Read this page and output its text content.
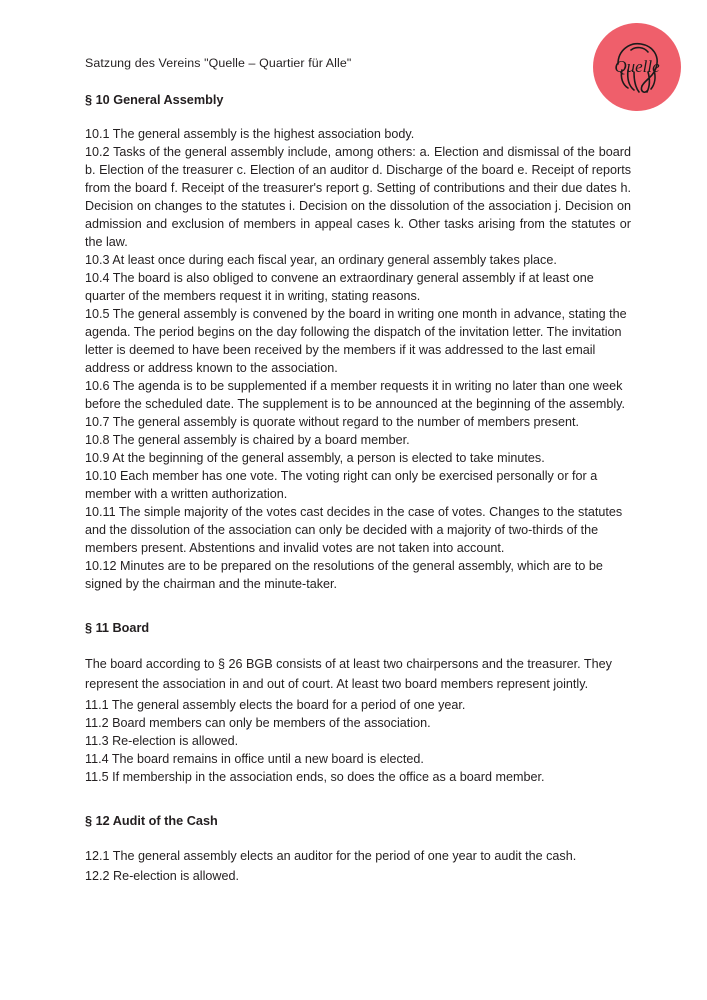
Quelle

Satzung des Vereins "Quelle – Quartier für Alle"

§ 10 General Assembly

10.1 The general assembly is the highest association body.

10.2 Tasks of the general assembly include, among others: a. Election and dismissal of the board b. Election of the treasurer c. Election of an auditor d. Discharge of the board e. Receipt of reports from the board f. Receipt of the treasurer's report g. Setting of contributions and their due dates h. Decision on changes to the statutes i. Decision on the dissolution of the association j. Decision on admission and exclusion of members in appeal cases k. Other tasks arising from the statutes or the law.

10.3 At least once during each fiscal year, an ordinary general assembly takes place.

10.4 The board is also obliged to convene an extraordinary general assembly if at least one quarter of the members request it in writing, stating reasons.

10.5 The general assembly is convened by the board in writing one month in advance, stating the agenda. The period begins on the day following the dispatch of the invitation letter. The invitation letter is deemed to have been received by the members if it was addressed to the last email address or address known to the association.

10.6 The agenda is to be supplemented if a member requests it in writing no later than one week before the scheduled date. The supplement is to be announced at the beginning of the assembly.

10.7 The general assembly is quorate without regard to the number of members present.

10.8 The general assembly is chaired by a board member.

10.9 At the beginning of the general assembly, a person is elected to take minutes.

10.10 Each member has one vote. The voting right can only be exercised personally or for a member with a written authorization.

10.11 The simple majority of the votes cast decides in the case of votes. Changes to the statutes and the dissolution of the association can only be decided with a majority of two-thirds of the members present. Abstentions and invalid votes are not taken into account.

10.12 Minutes are to be prepared on the resolutions of the general assembly, which are to be signed by the chairman and the minute-taker.

§ 11 Board

The board according to § 26 BGB consists of at least two chairpersons and the treasurer. They represent the association in and out of court. At least two board members represent jointly.

11.1 The general assembly elects the board for a period of one year.

11.2 Board members can only be members of the association.

11.3 Re-election is allowed.

11.4 The board remains in office until a new board is elected.

11.5 If membership in the association ends, so does the office as a board member.

§ 12 Audit of the Cash

12.1 The general assembly elects an auditor for the period of one year to audit the cash.

12.2 Re-election is allowed.
